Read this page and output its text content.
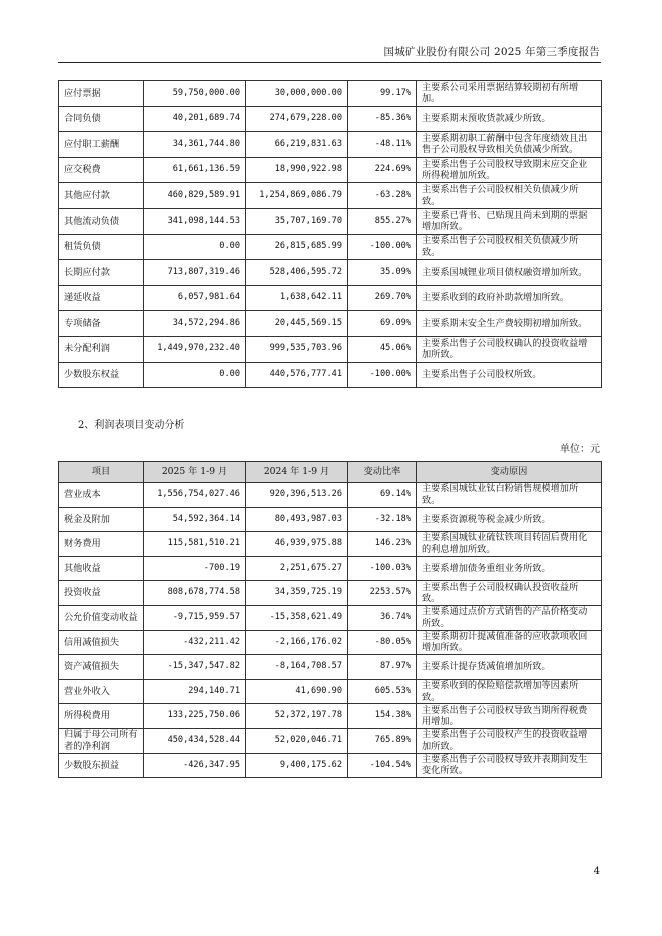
国城矿业股份有限公司 2025 年第三季度报告
应付票据	59,750,000.00	30,000,000.00	99.17%	主要系公司采用票据结算较期初有所增加。
合同负债	40,201,689.74	274,679,228.00	-85.36%	主要系期末预收货款减少所致。
应付职工薪酬	34,361,744.80	66,219,831.63	-48.11%	主要系期初职工薪酬中包含年度绩效且出售子公司股权导致相关负债减少所致。
应交税费	61,661,136.59	18,990,922.98	224.69%	主要系出售子公司股权导致期末应交企业所得税增加所致。
其他应付款	460,829,589.91	1,254,869,086.79	-63.28%	主要系出售子公司股权相关负债减少所致。
其他流动负债	341,098,144.53	35,707,169.70	855.27%	主要系已背书、已贴现且尚未到期的票据增加所致。
租赁负债	0.00	26,815,685.99	-100.00%	主要系出售子公司股权相关负债减少所致。
长期应付款	713,807,319.46	528,406,595.72	35.09%	主要系国城锂业项目债权融资增加所致。
递延收益	6,057,981.64	1,638,642.11	269.70%	主要系收到的政府补助款增加所致。
专项储备	34,572,294.86	20,445,569.15	69.09%	主要系期末安全生产费较期初增加所致。
未分配利润	1,449,970,232.40	999,535,703.96	45.06%	主要系出售子公司股权确认的投资收益增加所致。
少数股东权益	0.00	440,576,777.41	-100.00%	主要系出售子公司股权所致。
2、利润表项目变动分析
单位：元
项目	2025 年 1-9 月	2024 年 1-9 月	变动比率	变动原因
营业成本	1,556,754,027.46	920,396,513.26	69.14%	主要系国城钛业钛白粉销售规模增加所致。
税金及附加	54,592,364.14	80,493,987.03	-32.18%	主要系资源税等税金减少所致。
财务费用	115,581,510.21	46,939,975.88	146.23%	主要系国城钛业硫钛铁项目转固后费用化的利息增加所致。
其他收益	-700.19	2,251,675.27	-100.03%	主要系增加债务重组业务所致。
投资收益	808,678,774.58	34,359,725.19	2253.57%	主要系出售子公司股权确认投资收益所致。
公允价值变动收益	-9,715,959.57	-15,358,621.49	36.74%	主要系通过点价方式销售的产品价格变动所致。
信用减值损失	-432,211.42	-2,166,176.02	-80.05%	主要系期初计提减值准备的应收款项收回增加所致。
资产减值损失	-15,347,547.82	-8,164,708.57	87.97%	主要系计提存货减值增加所致。
营业外收入	294,140.71	41,690.90	605.53%	主要系收到的保险赔偿款增加等因素所致。
所得税费用	133,225,750.06	52,372,197.78	154.38%	主要系出售子公司股权导致当期所得税费用增加。
归属于母公司所有者的净利润	450,434,528.44	52,020,046.71	765.89%	主要系出售子公司股权产生的投资收益增加所致。
少数股东损益	-426,347.95	9,400,175.62	-104.54%	主要系出售子公司股权导致并表期间发生变化所致。
4
